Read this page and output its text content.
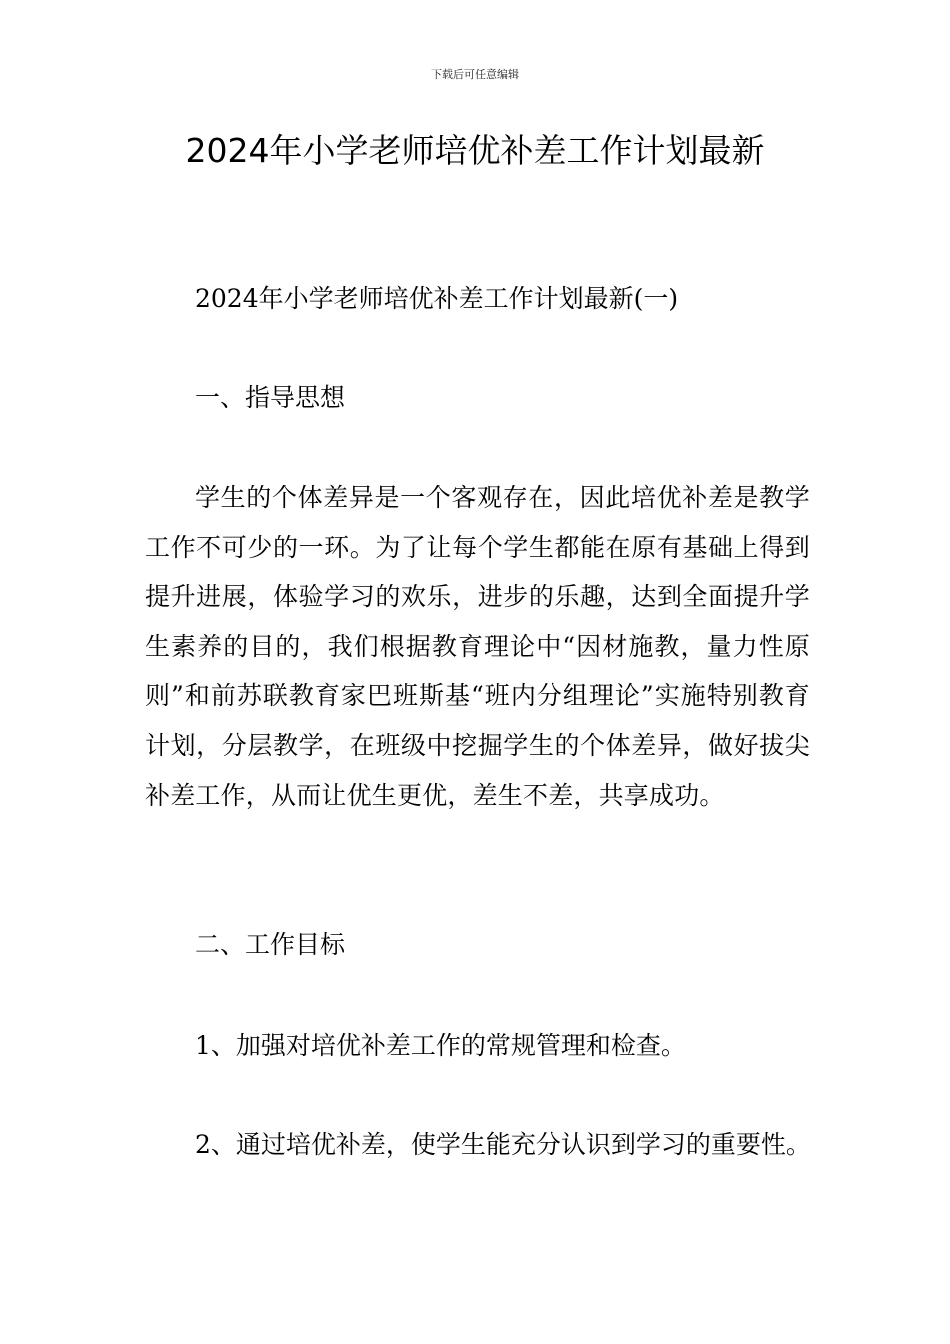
下载后可任意编辑
2024年小学老师培优补差工作计划最新
2024年小学老师培优补差工作计划最新(一)
一、指导思想

学生的个体差异是一个客观存在，因此培优补差是教学工作不可少的一环。为了让每个学生都能在原有基础上得到提升进展，体验学习的欢乐，进步的乐趣，达到全面提升学生素养的目的，我们根据教育理论中“因材施教，量力性原则”和前苏联教育家巴班斯基“班内分组理论”实施特别教育计划，分层教学，在班级中挖掘学生的个体差异，做好拔尖补差工作，从而让优生更优，差生不差，共享成功。

二、工作目标
1、加强对培优补差工作的常规管理和检查。
2、通过培优补差，使学生能充分认识到学习的重要性。
